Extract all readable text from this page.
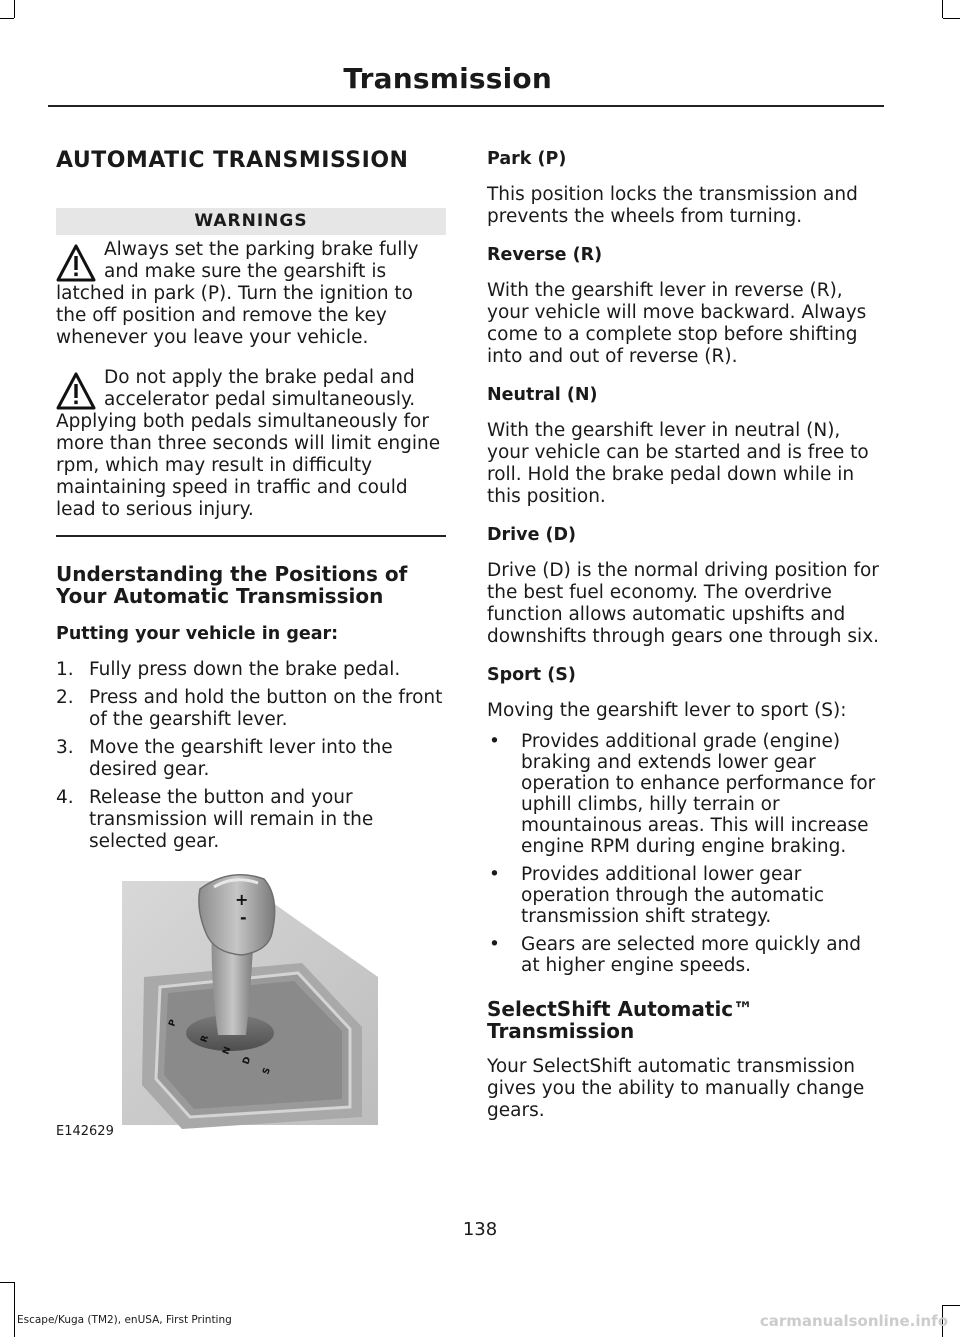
Transmission
AUTOMATIC TRANSMISSION
WARNINGS

Always set the parking brake fully and make sure the gearshift is latched in park (P). Turn the ignition to the off position and remove the key whenever you leave your vehicle.

Do not apply the brake pedal and accelerator pedal simultaneously. Applying both pedals simultaneously for more than three seconds will limit engine rpm, which may result in difficulty maintaining speed in traffic and could lead to serious injury.

Understanding the Positions of Your Automatic Transmission
Putting your vehicle in gear:
1. Fully press down the brake pedal.
2. Press and hold the button on the front of the gearshift lever.
3. Move the gearshift lever into the desired gear.
4. Release the button and your transmission will remain in the selected gear.
+
-
P
R
N
D
S
E142629
Park (P)

This position locks the transmission and prevents the wheels from turning.

Reverse (R)

With the gearshift lever in reverse (R), your vehicle will move backward. Always come to a complete stop before shifting into and out of reverse (R).

Neutral (N)

With the gearshift lever in neutral (N), your vehicle can be started and is free to roll. Hold the brake pedal down while in this position.

Drive (D)

Drive (D) is the normal driving position for the best fuel economy. The overdrive function allows automatic upshifts and downshifts through gears one through six.

Sport (S)

Moving the gearshift lever to sport (S):

• Provides additional grade (engine) braking and extends lower gear operation to enhance performance for uphill climbs, hilly terrain or mountainous areas. This will increase engine RPM during engine braking.
• Provides additional lower gear operation through the automatic transmission shift strategy.
• Gears are selected more quickly and at higher engine speeds.
SelectShift Automatic™ Transmission

Your SelectShift automatic transmission gives you the ability to manually change gears.

138
Escape/Kuga (TM2), enUSA, First Printing	carmanualsonline.info
